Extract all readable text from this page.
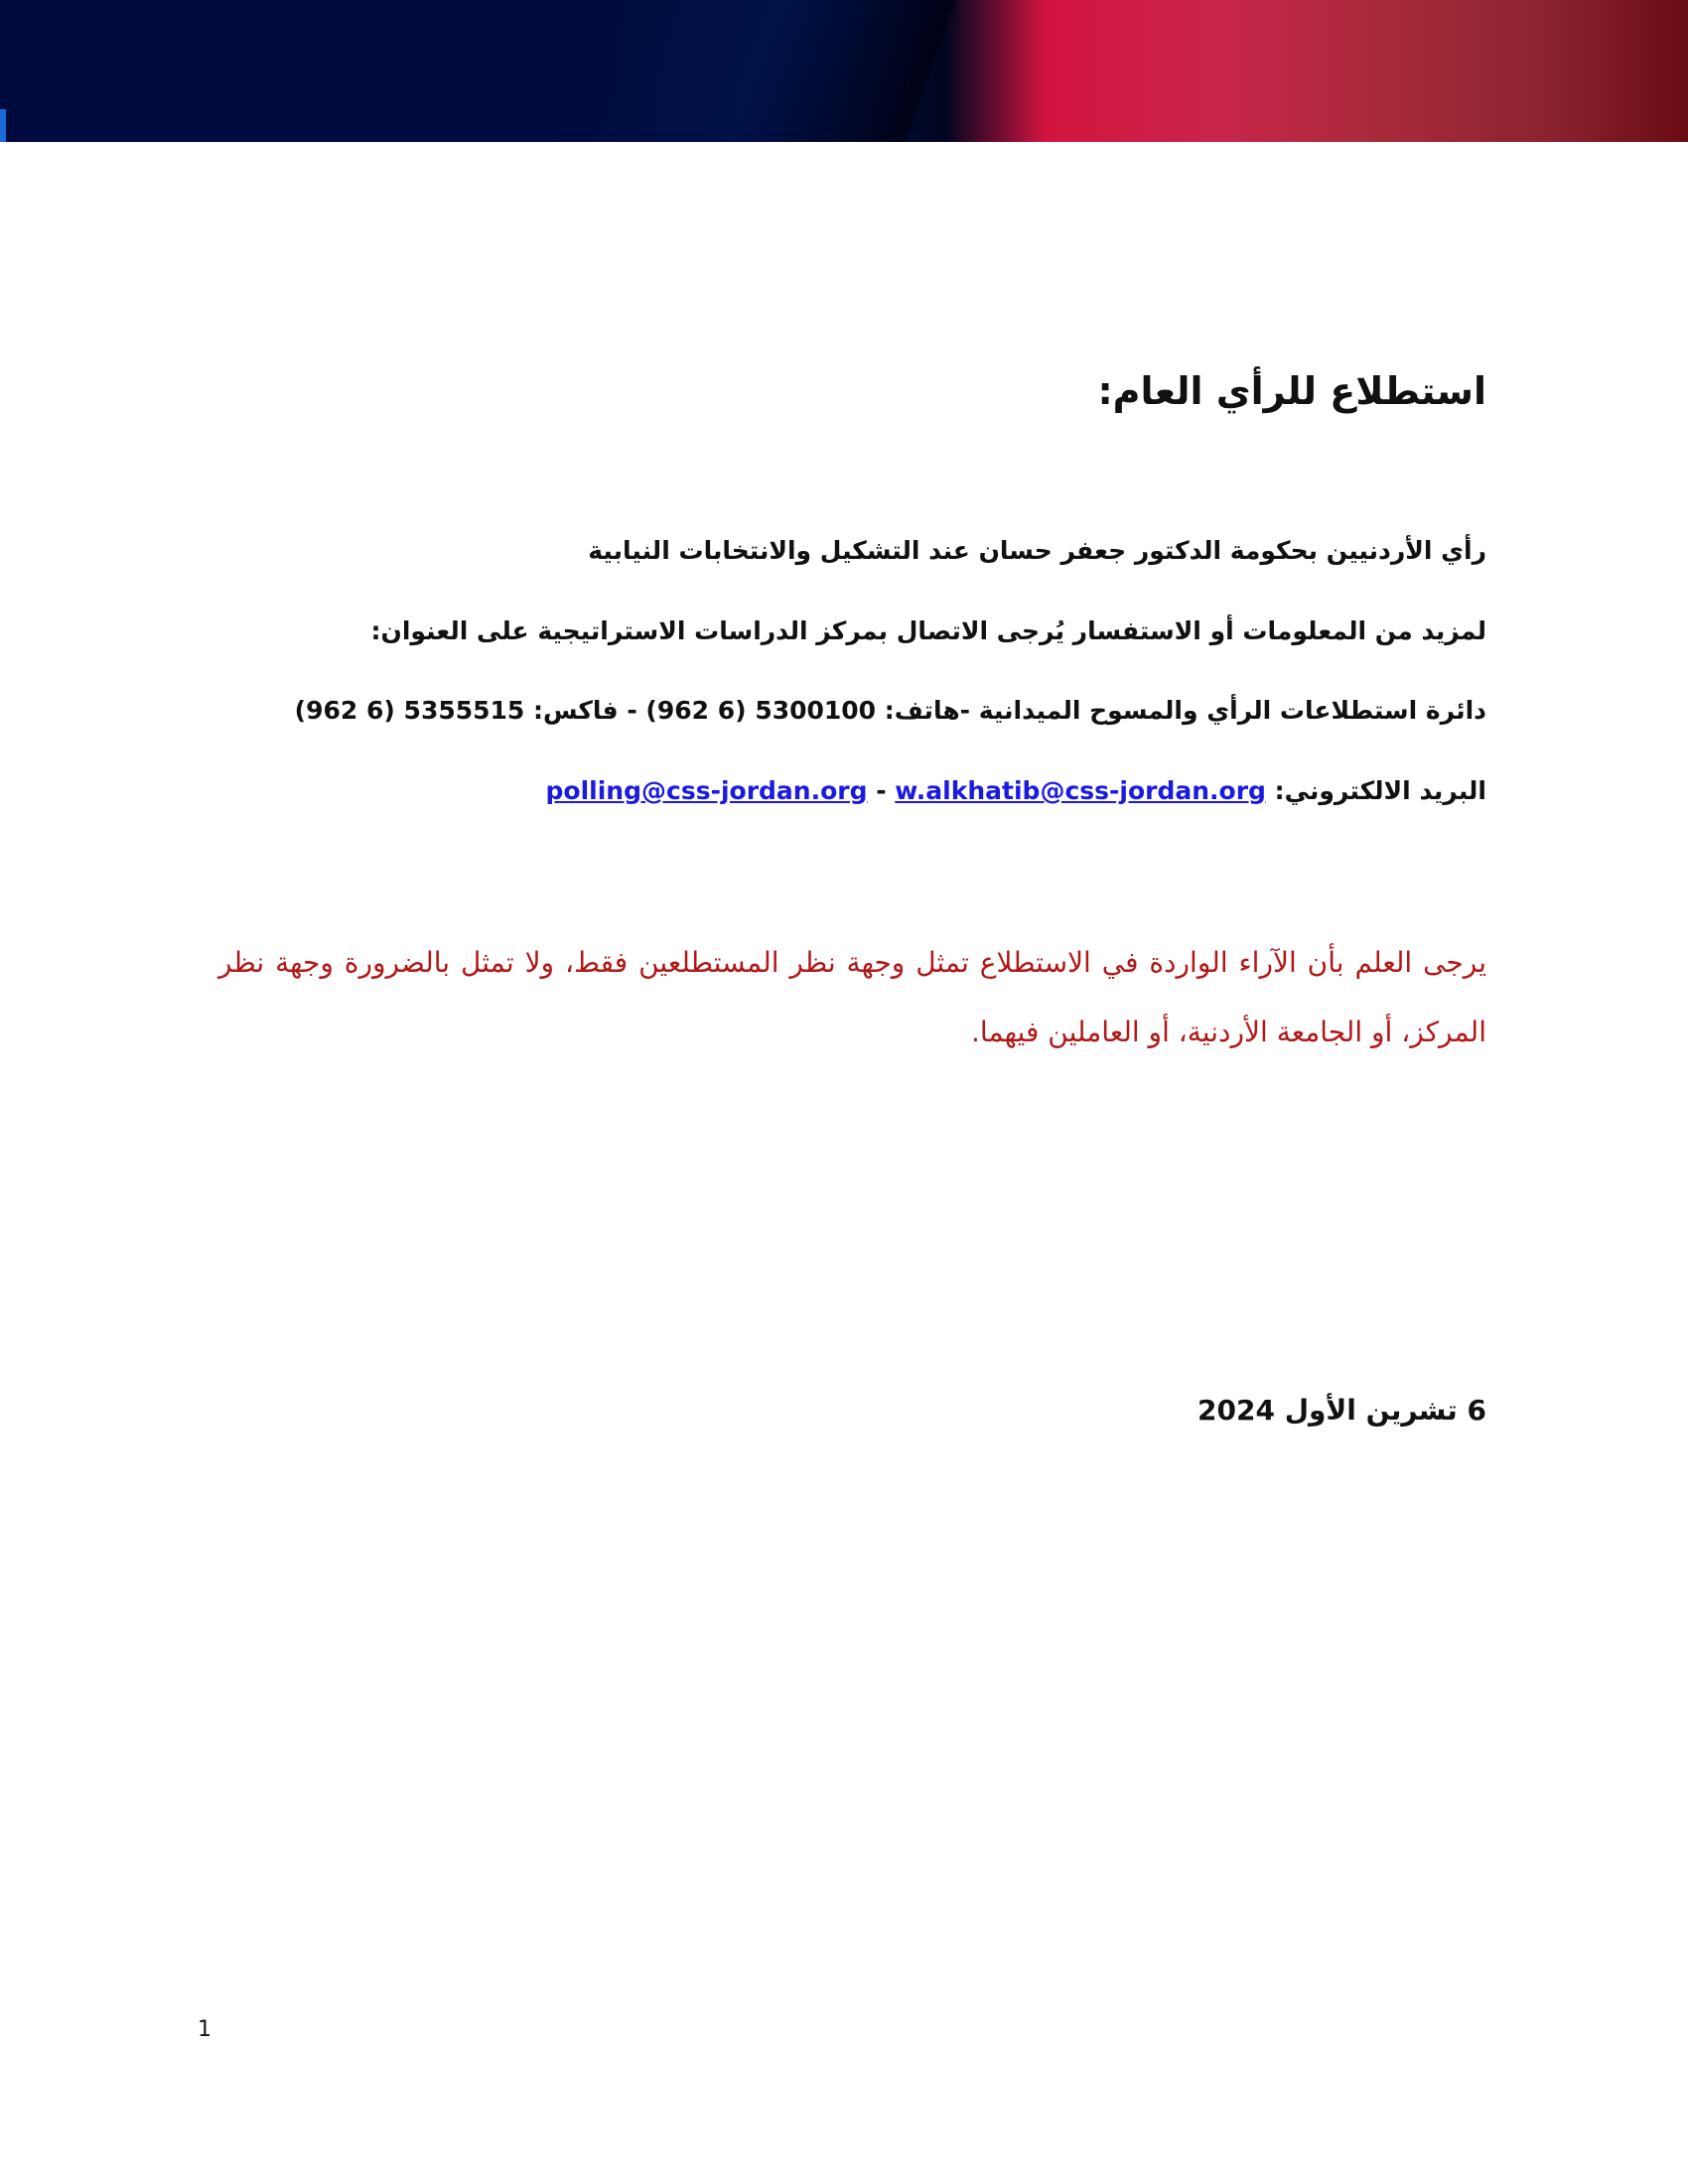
استطلاع للرأي العام:
رأي الأردنيين بحكومة الدكتور جعفر حسان عند التشكيل والانتخابات النيابية
لمزيد من المعلومات أو الاستفسار يُرجى الاتصال بمركز الدراسات الاستراتيجية على العنوان:
دائرة استطلاعات الرأي والمسوح الميدانية -هاتف: 5300100 (6 962) - فاكس: 5355515 (6 962)
البريد الالكتروني: w.alkhatib@css-jordan.org - polling@css-jordan.org
يرجى العلم بأن الآراء الواردة في الاستطلاع تمثل وجهة نظر المستطلعين فقط، ولا تمثل بالضرورة وجهة نظر المركز، أو الجامعة الأردنية، أو العاملين فيهما.
6 تشرين الأول 2024
1
